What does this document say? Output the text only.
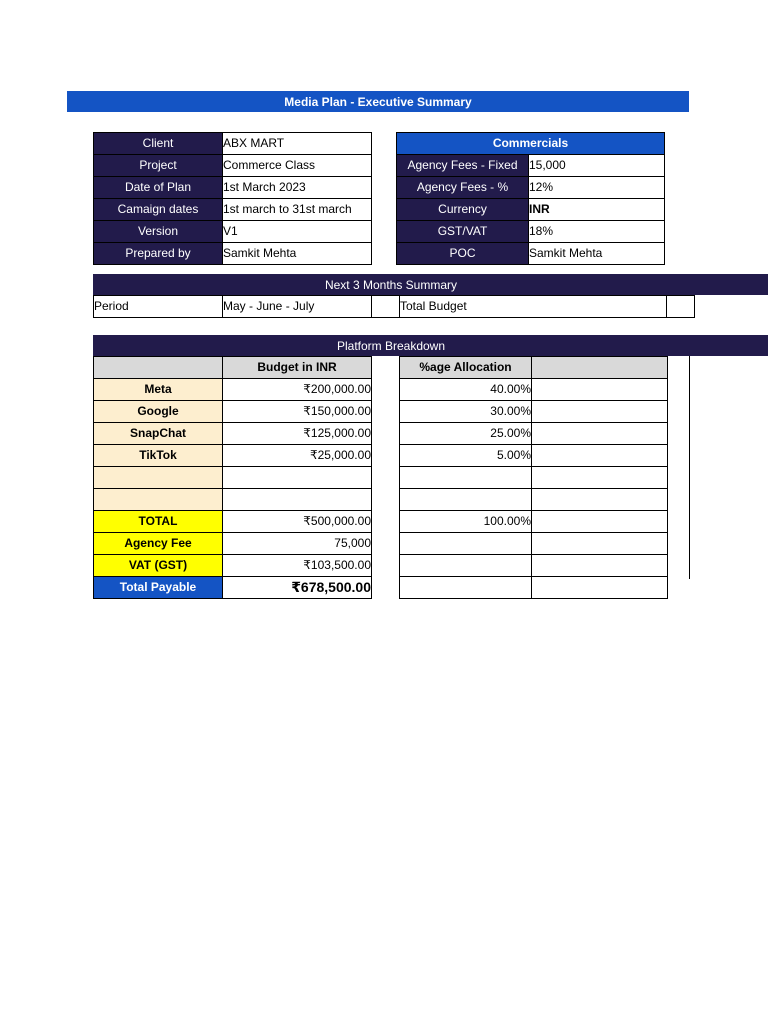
Media Plan - Executive Summary
Client	ABX MART
Project	Commerce Class
Date of Plan	1st March 2023
Camaign dates	1st march to 31st march
Version	V1
Prepared by	Samkit Mehta
Commercials	
Agency Fees - Fixed	15,000
Agency Fees - %	12%
Currency	INR
GST/VAT	18%
POC	Samkit Mehta
Next 3 Months Summary
Period	May - June - July		Total Budget	
Platform Breakdown
	Budget in INR		%age Allocation	
Meta	₹200,000.00		40.00%	
Google	₹150,000.00		30.00%	
SnapChat	₹125,000.00		25.00%	
TikTok	₹25,000.00		5.00%	

TOTAL	₹500,000.00		100.00%	
Agency Fee	75,000			
VAT (GST)	₹103,500.00			
Total Payable	₹678,500.00			
